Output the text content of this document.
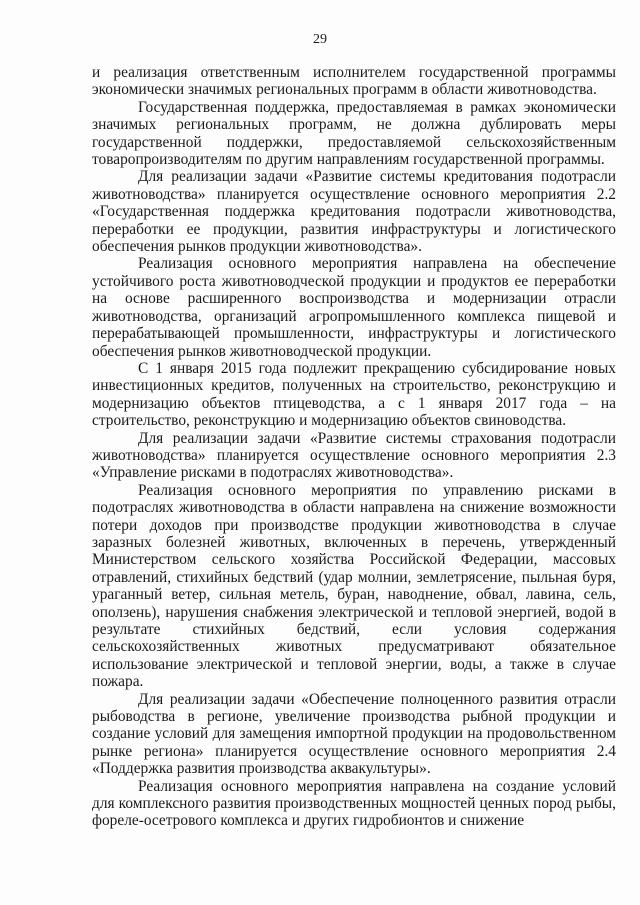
29

и реализация ответственным исполнителем государственной программы экономически значимых региональных программ в области животноводства.

Государственная поддержка, предоставляемая в рамках экономически значимых региональных программ, не должна дублировать меры государственной поддержки, предоставляемой сельскохозяйственным товаропроизводителям по другим направлениям государственной программы.

Для реализации задачи «Развитие системы кредитования подотрасли животноводства» планируется осуществление основного мероприятия 2.2 «Государственная поддержка кредитования подотрасли животноводства, переработки ее продукции, развития инфраструктуры и логистического обеспечения рынков продукции животноводства».

Реализация основного мероприятия направлена на обеспечение устойчивого роста животноводческой продукции и продуктов ее переработки на основе расширенного воспроизводства и модернизации отрасли животноводства, организаций агропромышленного комплекса пищевой и перерабатывающей промышленности, инфраструктуры и логистического обеспечения рынков животноводческой продукции.

С 1 января 2015 года подлежит прекращению субсидирование новых инвестиционных кредитов, полученных на строительство, реконструкцию и модернизацию объектов птицеводства, а с 1 января 2017 года – на строительство, реконструкцию и модернизацию объектов свиноводства.

Для реализации задачи «Развитие системы страхования подотрасли животноводства» планируется осуществление основного мероприятия 2.3 «Управление рисками в подотраслях животноводства».

Реализация основного мероприятия по управлению рисками в подотраслях животноводства в области направлена на снижение возможности потери доходов при производстве продукции животноводства в случае заразных болезней животных, включенных в перечень, утвержденный Министерством сельского хозяйства Российской Федерации, массовых отравлений, стихийных бедствий (удар молнии, землетрясение, пыльная буря, ураганный ветер, сильная метель, буран, наводнение, обвал, лавина, сель, оползень), нарушения снабжения электрической и тепловой энергией, водой в результате стихийных бедствий, если условия содержания сельскохозяйственных животных предусматривают обязательное использование электрической и тепловой энергии, воды, а также в случае пожара.

Для реализации задачи «Обеспечение полноценного развития отрасли рыбоводства в регионе, увеличение производства рыбной продукции и создание условий для замещения импортной продукции на продовольственном рынке региона» планируется осуществление основного мероприятия 2.4 «Поддержка развития производства аквакультуры».

Реализация основного мероприятия направлена на создание условий для комплексного развития производственных мощностей ценных пород рыбы, фореле-осетрового комплекса и других гидробионтов и снижение
